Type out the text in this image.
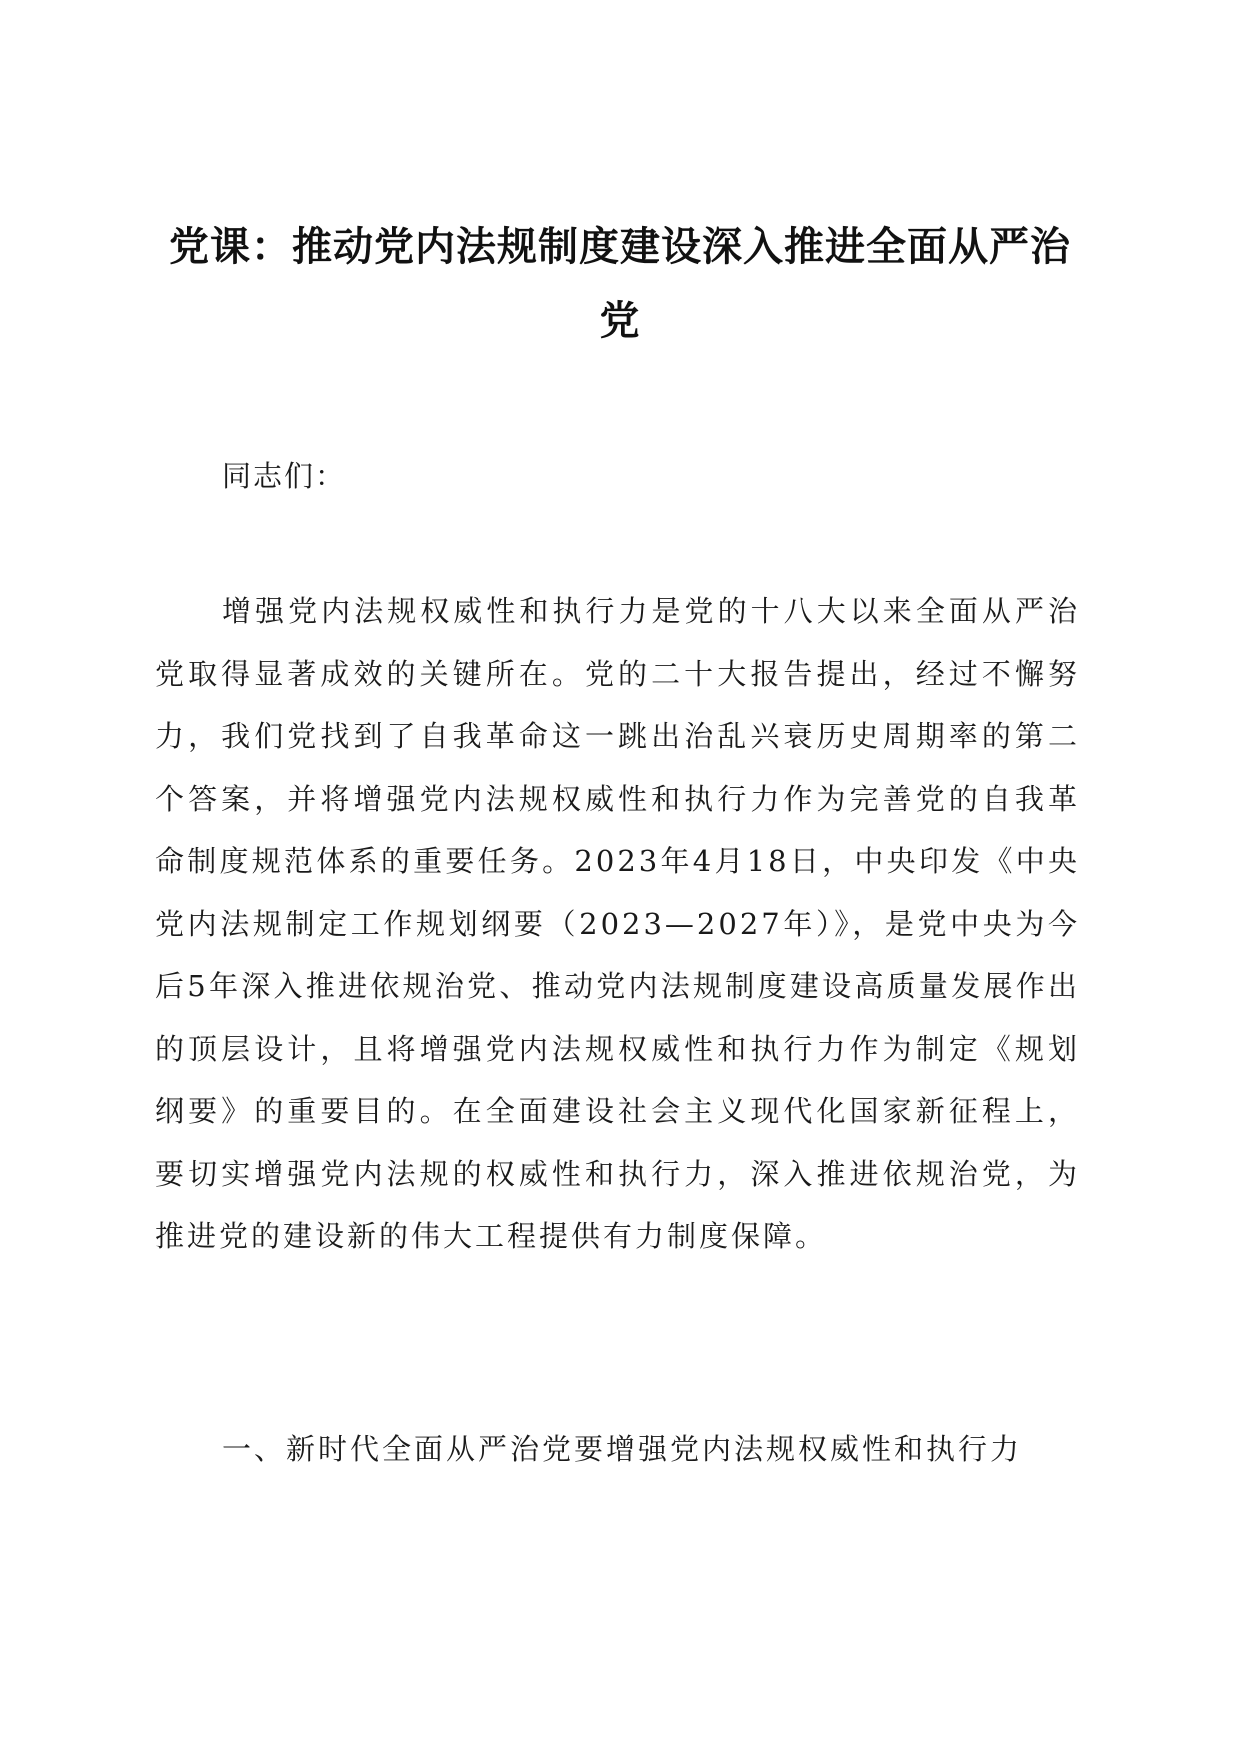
党课：推动党内法规制度建设深入推进全面从严治党

同志们：

增强党内法规权威性和执行力是党的十八大以来全面从严治党取得显著成效的关键所在。党的二十大报告提出，经过不懈努力，我们党找到了自我革命这一跳出治乱兴衰历史周期率的第二个答案，并将增强党内法规权威性和执行力作为完善党的自我革命制度规范体系的重要任务。2023年4月18日，中央印发《中央党内法规制定工作规划纲要（2023—2027年）》，是党中央为今后5年深入推进依规治党、推动党内法规制度建设高质量发展作出的顶层设计，且将增强党内法规权威性和执行力作为制定《规划纲要》的重要目的。在全面建设社会主义现代化国家新征程上，要切实增强党内法规的权威性和执行力，深入推进依规治党，为推进党的建设新的伟大工程提供有力制度保障。

一、新时代全面从严治党要增强党内法规权威性和执行力
